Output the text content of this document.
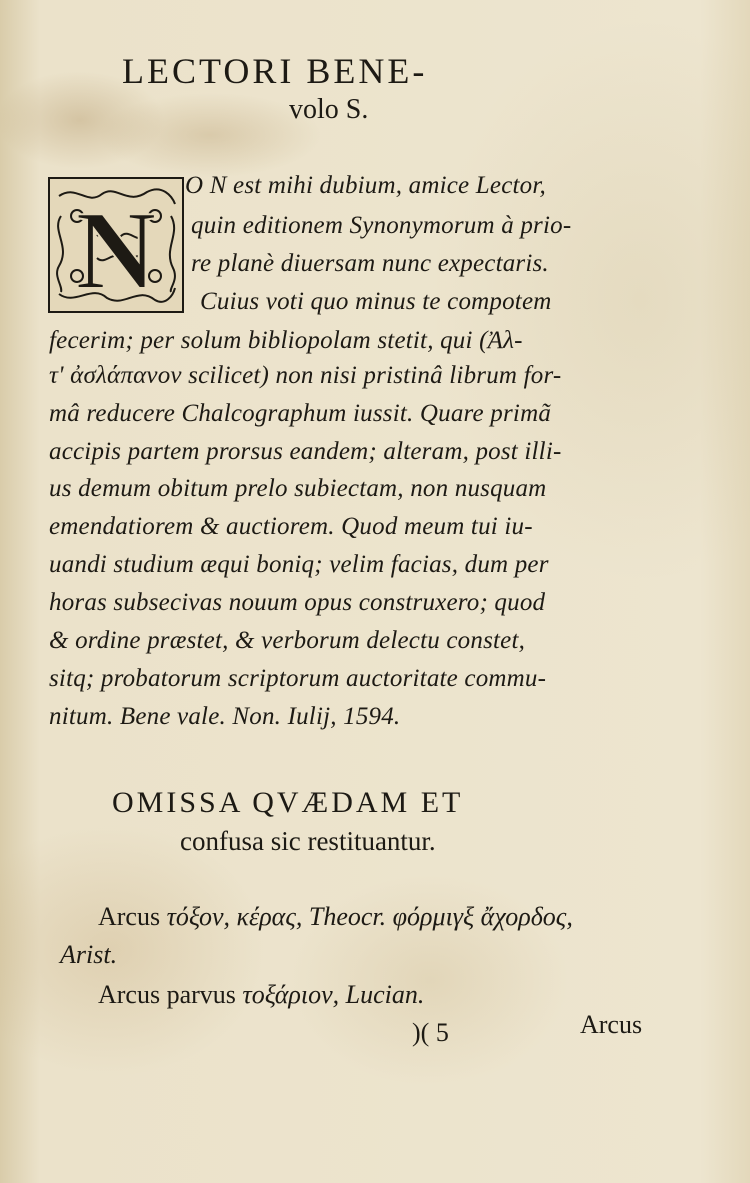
LECTORI BENE-
volo S.
N
O N est mihi dubium, amice Lector,
quin editionem Synonymorum à prio-
re planè diuersam nunc expectaris.
Cuius voti quo minus te compotem
fecerim; per solum bibliopolam stetit, qui (Ἀλ-
τ' ἀσλάπανον scilicet) non nisi pristinâ librum for-
mâ reducere Chalcographum iussit. Quare primã
accipis partem prorsus eandem; alteram, post illi-
us demum obitum prelo subiectam, non nusquam
emendatiorem & auctiorem. Quod meum tui iu-
uandi studium æqui boniq; velim facias, dum per
horas subsecivas nouum opus construxero; quod
& ordine præstet, & verborum delectu constet,
sitq; probatorum scriptorum auctoritate commu-
nitum. Bene vale. Non. Iulij, 1594.
OMISSA QVÆDAM ET
confusa sic restituantur.
Arcus τόξον, κέρας, Theocr. φόρμιγξ ἄχορδος,
Arist.
Arcus parvus τοξάριον, Lucian.
)( 5	Arcus
